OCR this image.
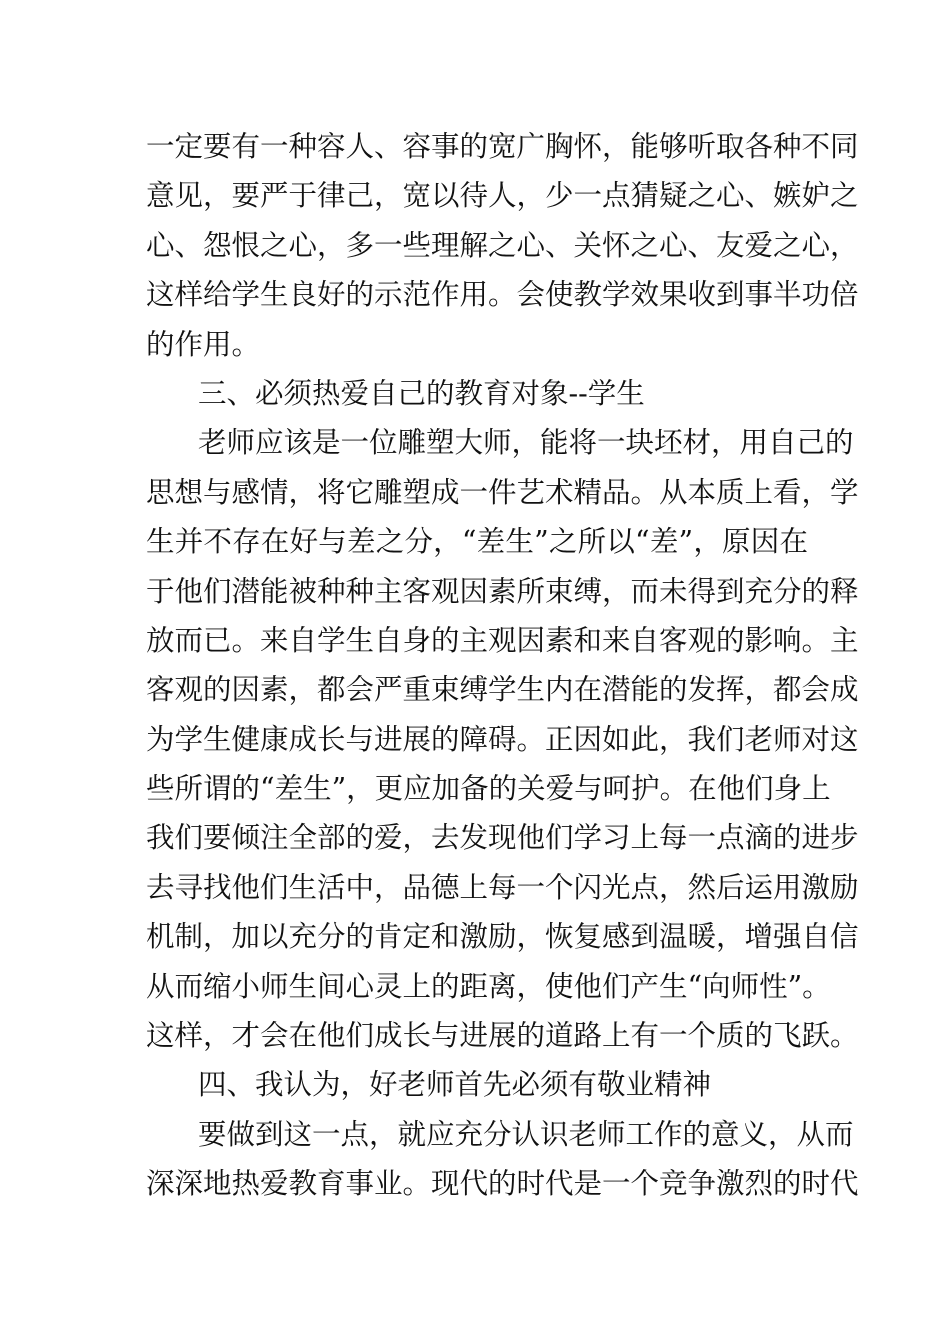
一定要有一种容人、容事的宽广胸怀，能够听取各种不同
意见，要严于律己，宽以待人，少一点猜疑之心、嫉妒之
心、怨恨之心，多一些理解之心、关怀之心、友爱之心，
这样给学生良好的示范作用。会使教学效果收到事半功倍
的作用。
三、必须热爱自己的教育对象--学生
老师应该是一位雕塑大师，能将一块坯材，用自己的
思想与感情，将它雕塑成一件艺术精品。从本质上看，学
生并不存在好与差之分，“差生”之所以“差”，原因在
于他们潜能被种种主客观因素所束缚，而未得到充分的释
放而已。来自学生自身的主观因素和来自客观的影响。主
客观的因素，都会严重束缚学生内在潜能的发挥，都会成
为学生健康成长与进展的障碍。正因如此，我们老师对这
些所谓的“差生”，更应加备的关爱与呵护。在他们身上
我们要倾注全部的爱，去发现他们学习上每一点滴的进步
去寻找他们生活中，品德上每一个闪光点，然后运用激励
机制，加以充分的肯定和激励，恢复感到温暖，增强自信
从而缩小师生间心灵上的距离，使他们产生“向师性”。
这样，才会在他们成长与进展的道路上有一个质的飞跃。
四、我认为，好老师首先必须有敬业精神
要做到这一点，就应充分认识老师工作的意义，从而
深深地热爱教育事业。现代的时代是一个竞争激烈的时代
